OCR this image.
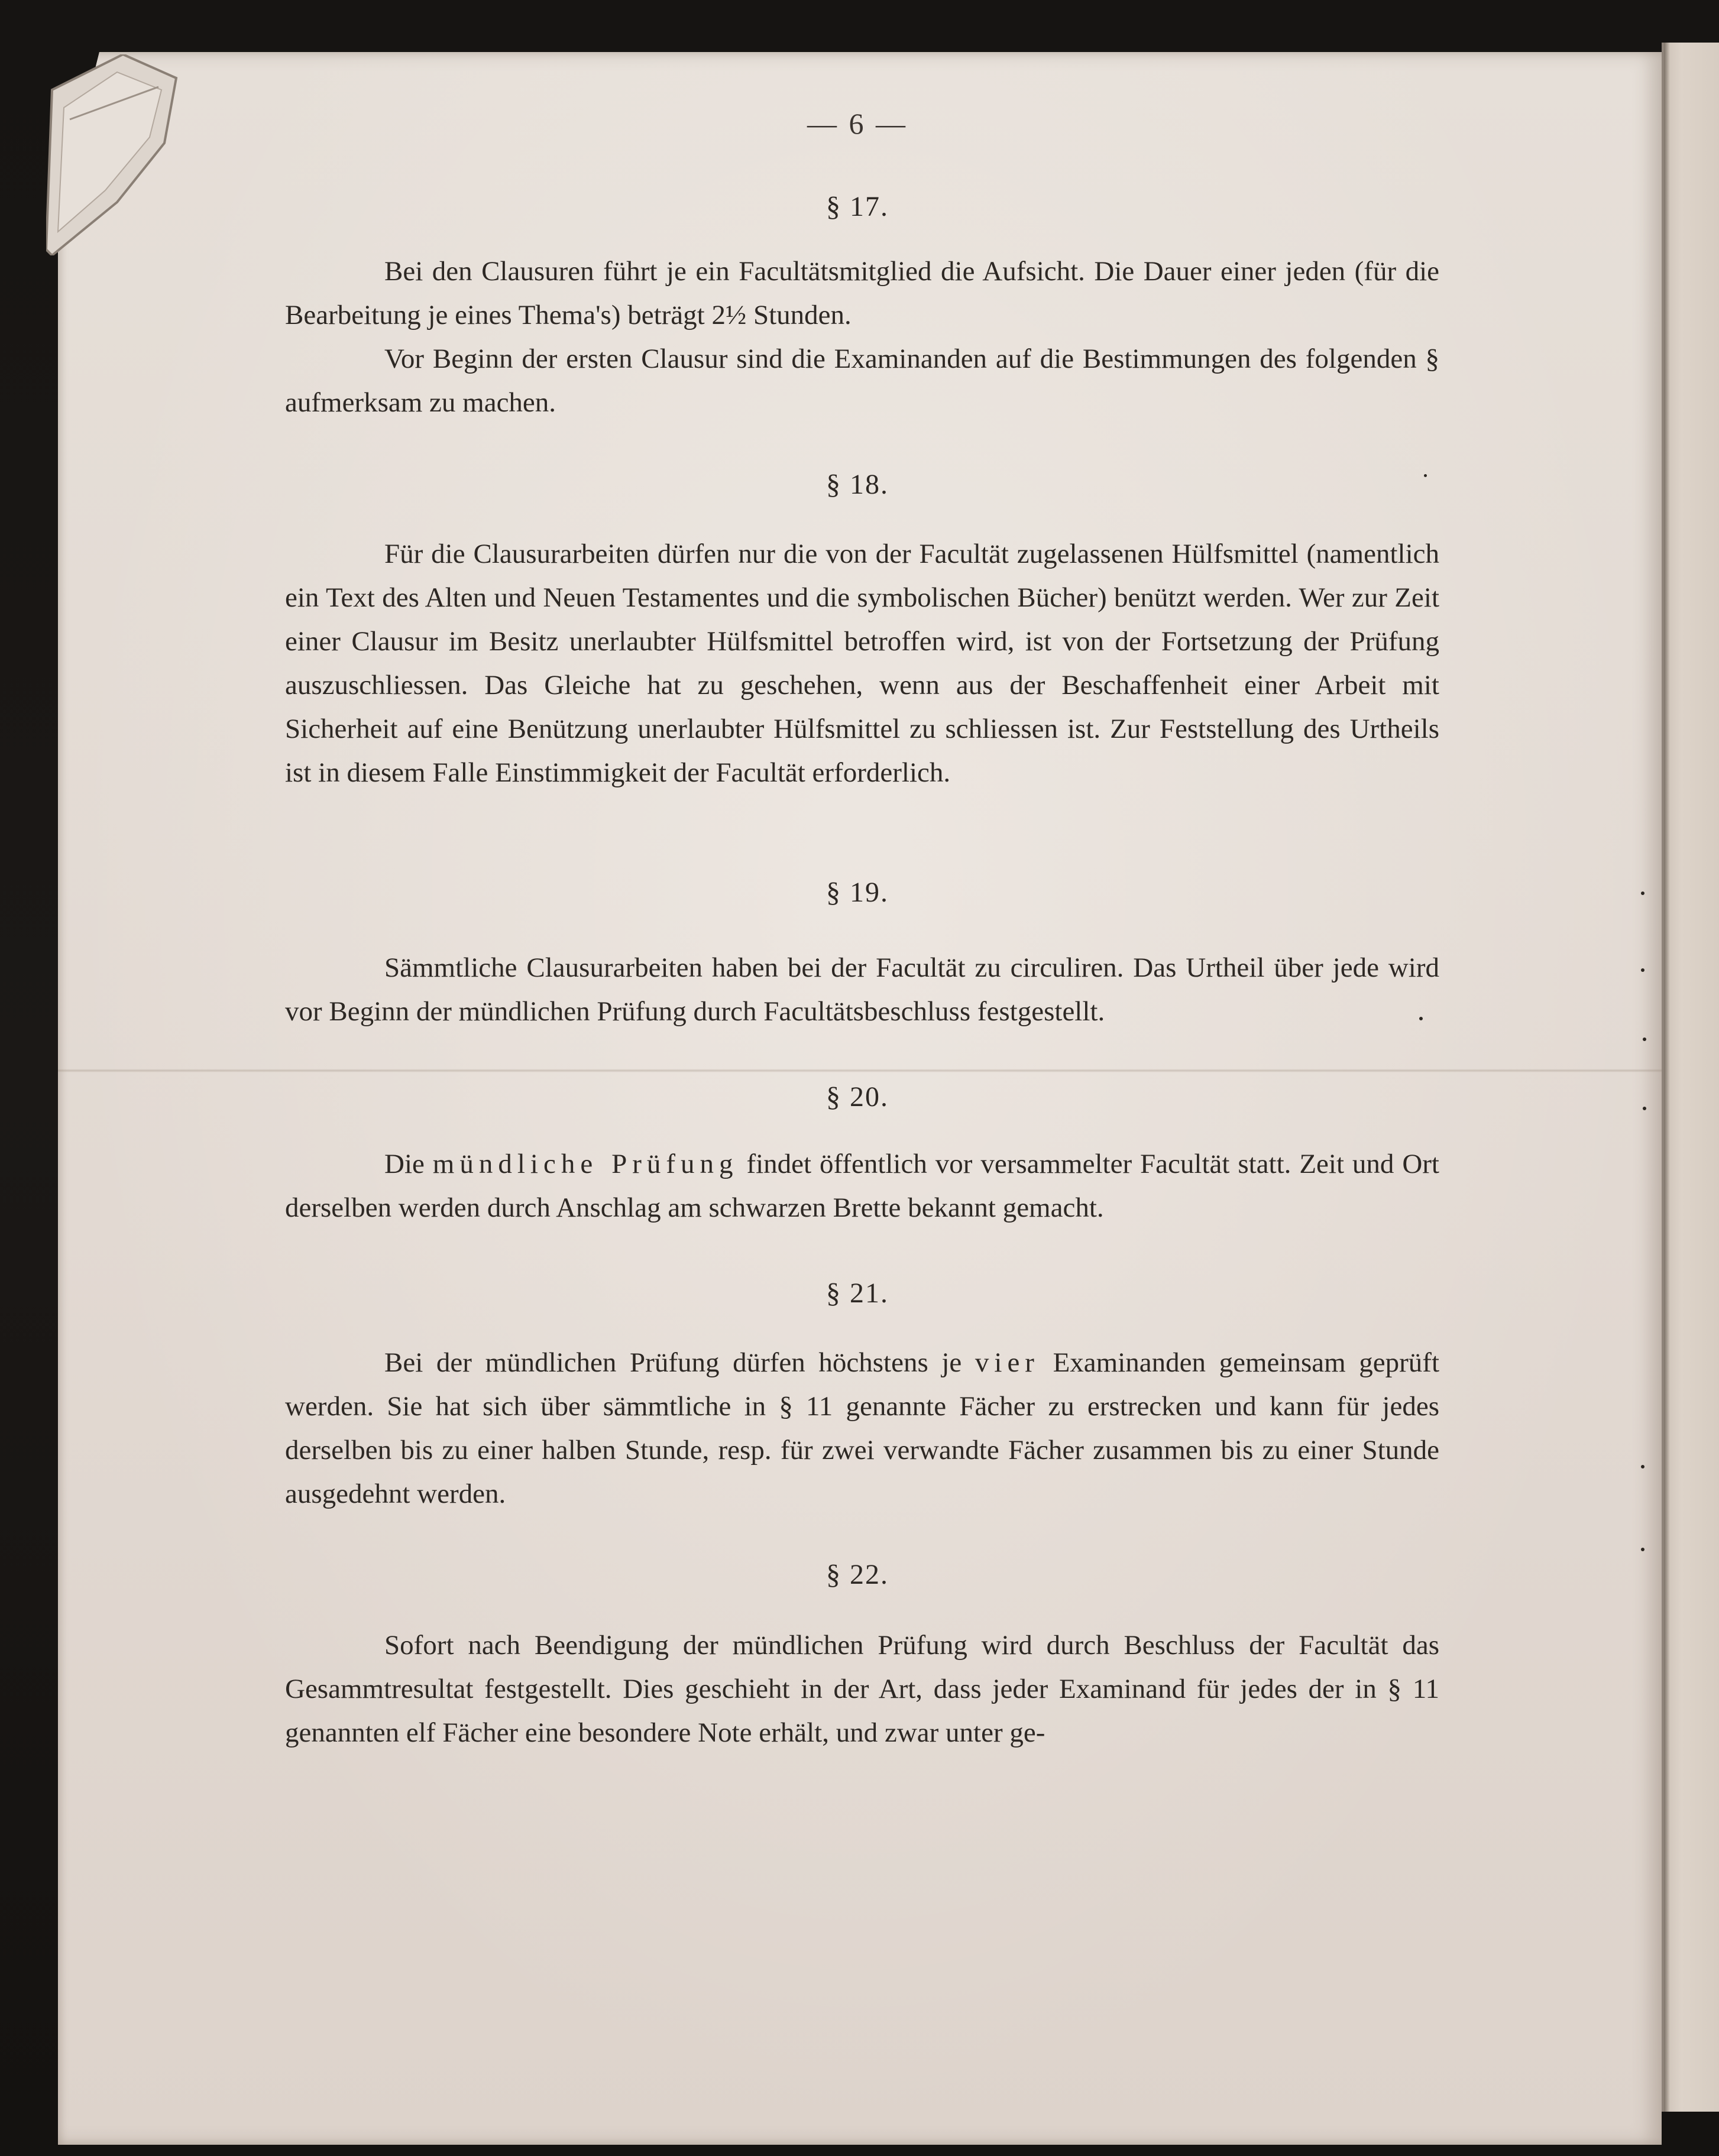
— 6 —
§ 17.

Bei den Clausuren führt je ein Facultätsmitglied die Aufsicht. Die Dauer einer jeden (für die Bearbeitung je eines Thema's) beträgt 2½ Stunden.

Vor Beginn der ersten Clausur sind die Examinanden auf die Bestimmungen des folgenden § aufmerksam zu machen.

§ 18.

Für die Clausurarbeiten dürfen nur die von der Facultät zugelassenen Hülfsmittel (namentlich ein Text des Alten und Neuen Testamentes und die symbolischen Bücher) benützt werden. Wer zur Zeit einer Clausur im Besitz unerlaubter Hülfsmittel betroffen wird, ist von der Fortsetzung der Prüfung auszuschliessen. Das Gleiche hat zu geschehen, wenn aus der Beschaffenheit einer Arbeit mit Sicherheit auf eine Benützung unerlaubter Hülfsmittel zu schliessen ist. Zur Feststellung des Urtheils ist in diesem Falle Einstimmigkeit der Facultät erforderlich.

§ 19.

Sämmtliche Clausurarbeiten haben bei der Facultät zu circuliren. Das Urtheil über jede wird vor Beginn der mündlichen Prüfung durch Facultätsbeschluss festgestellt.

§ 20.

Die mündliche Prüfung findet öffentlich vor versammelter Facultät statt. Zeit und Ort derselben werden durch Anschlag am schwarzen Brette bekannt gemacht.

§ 21.

Bei der mündlichen Prüfung dürfen höchstens je vier Examinanden gemeinsam geprüft werden. Sie hat sich über sämmtliche in § 11 genannte Fächer zu erstrecken und kann für jedes derselben bis zu einer halben Stunde, resp. für zwei verwandte Fächer zusammen bis zu einer Stunde ausgedehnt werden.

§ 22.

Sofort nach Beendigung der mündlichen Prüfung wird durch Beschluss der Facultät das Gesammtresultat festgestellt. Dies geschieht in der Art, dass jeder Examinand für jedes der in § 11 genannten elf Fächer eine besondere Note erhält, und zwar unter ge-
